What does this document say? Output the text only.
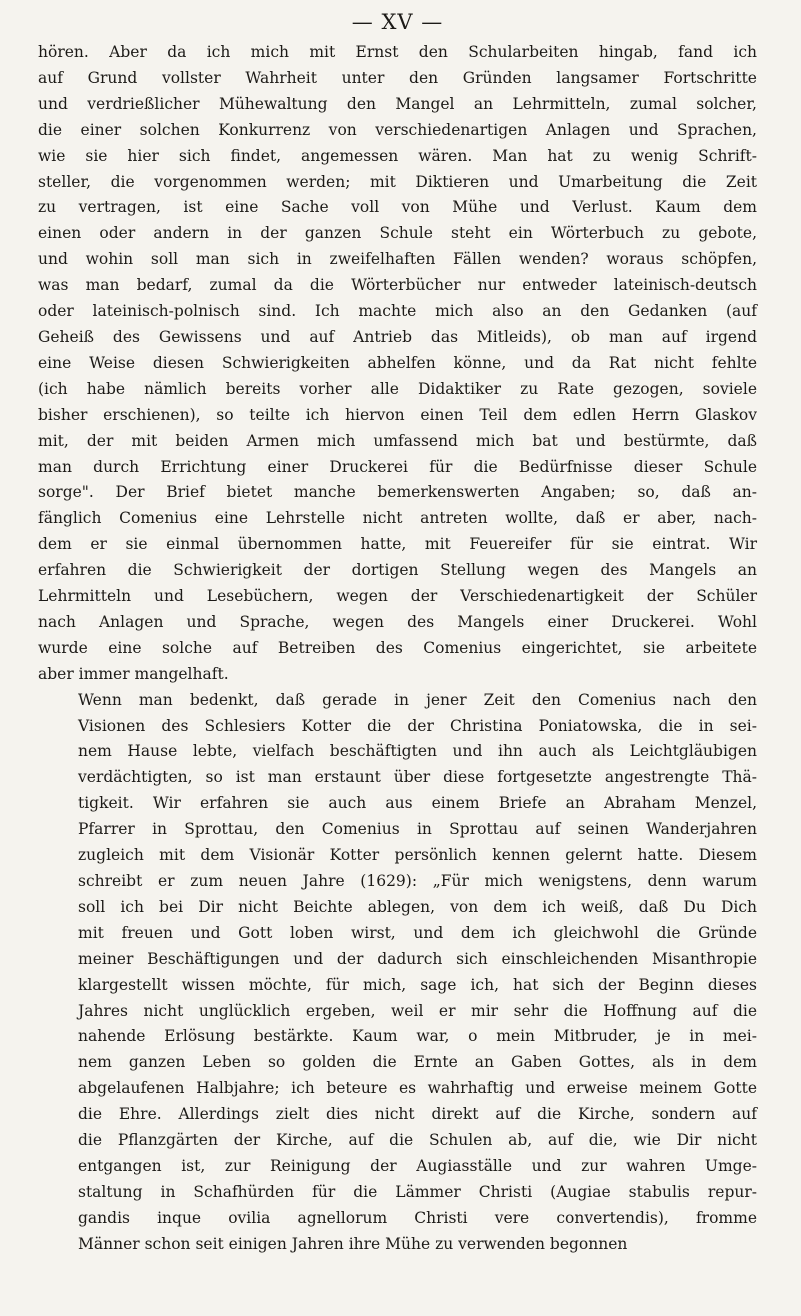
— XV —

hören. Aber da ich mich mit Ernst den Schularbeiten hingab, fand ich
auf Grund vollster Wahrheit unter den Gründen langsamer Fortschritte
und verdrießlicher Mühewaltung den Mangel an Lehrmitteln, zumal solcher,
die einer solchen Konkurrenz von verschiedenartigen Anlagen und Sprachen,
wie sie hier sich findet, angemessen wären. Man hat zu wenig Schrift-
steller, die vorgenommen werden; mit Diktieren und Umarbeitung die Zeit
zu vertragen, ist eine Sache voll von Mühe und Verlust. Kaum dem
einen oder andern in der ganzen Schule steht ein Wörterbuch zu gebote,
und wohin soll man sich in zweifelhaften Fällen wenden? woraus schöpfen,
was man bedarf, zumal da die Wörterbücher nur entweder lateinisch-deutsch
oder lateinisch-polnisch sind. Ich machte mich also an den Gedanken (auf
Geheiß des Gewissens und auf Antrieb das Mitleids), ob man auf irgend
eine Weise diesen Schwierigkeiten abhelfen könne, und da Rat nicht fehlte
(ich habe nämlich bereits vorher alle Didaktiker zu Rate gezogen, soviele
bisher erschienen), so teilte ich hiervon einen Teil dem edlen Herrn Glaskov
mit, der mit beiden Armen mich umfassend mich bat und bestürmte, daß
man durch Errichtung einer Druckerei für die Bedürfnisse dieser Schule
sorge". Der Brief bietet manche bemerkenswerten Angaben; so, daß an-
fänglich Comenius eine Lehrstelle nicht antreten wollte, daß er aber, nach-
dem er sie einmal übernommen hatte, mit Feuereifer für sie eintrat. Wir
erfahren die Schwierigkeit der dortigen Stellung wegen des Mangels an
Lehrmitteln und Lesebüchern, wegen der Verschiedenartigkeit der Schüler
nach Anlagen und Sprache, wegen des Mangels einer Druckerei. Wohl
wurde eine solche auf Betreiben des Comenius eingerichtet, sie arbeitete
aber immer mangelhaft.

Wenn man bedenkt, daß gerade in jener Zeit den Comenius nach den
Visionen des Schlesiers Kotter die der Christina Poniatowska, die in sei-
nem Hause lebte, vielfach beschäftigten und ihn auch als Leichtgläubigen
verdächtigten, so ist man erstaunt über diese fortgesetzte angestrengte Thä-
tigkeit. Wir erfahren sie auch aus einem Briefe an Abraham Menzel,
Pfarrer in Sprottau, den Comenius in Sprottau auf seinen Wanderjahren
zugleich mit dem Visionär Kotter persönlich kennen gelernt hatte. Diesem
schreibt er zum neuen Jahre (1629): „Für mich wenigstens, denn warum
soll ich bei Dir nicht Beichte ablegen, von dem ich weiß, daß Du Dich
mit freuen und Gott loben wirst, und dem ich gleichwohl die Gründe
meiner Beschäftigungen und der dadurch sich einschleichenden Misanthropie
klargestellt wissen möchte, für mich, sage ich, hat sich der Beginn dieses
Jahres nicht unglücklich ergeben, weil er mir sehr die Hoffnung auf die
nahende Erlösung bestärkte. Kaum war, o mein Mitbruder, je in mei-
nem ganzen Leben so golden die Ernte an Gaben Gottes, als in dem
abgelaufenen Halbjahre; ich beteure es wahrhaftig und erweise meinem Gotte
die Ehre. Allerdings zielt dies nicht direkt auf die Kirche, sondern auf
die Pflanzgärten der Kirche, auf die Schulen ab, auf die, wie Dir nicht
entgangen ist, zur Reinigung der Augiasställe und zur wahren Umge-
staltung in Schafhürden für die Lämmer Christi (Augiae stabulis repur-
gandis inque ovilia agnellorum Christi vere convertendis), fromme
Männer schon seit einigen Jahren ihre Mühe zu verwenden begonnen
